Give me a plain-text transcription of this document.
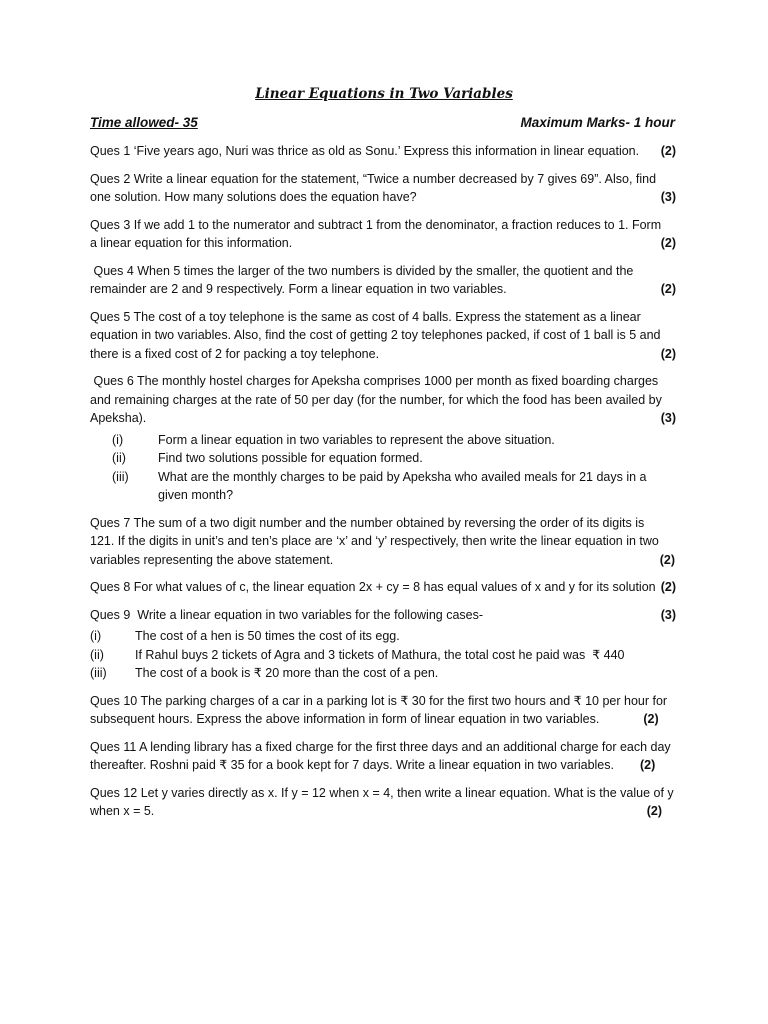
Linear Equations in Two Variables
Time allowed- 35	Maximum Marks- 1 hour

Ques 1 ‘Five years ago, Nuri was thrice as old as Sonu.’ Express this information in linear equation. (2)

Ques 2 Write a linear equation for the statement, “Twice a number decreased by 7 gives 69”. Also, find

one solution. How many solutions does the equation have?	(3)

Ques 3 If we add 1 to the numerator and subtract 1 from the denominator, a fraction reduces to 1. Form

a linear equation for this information.	(2)

Ques 4 When 5 times the larger of the two numbers is divided by the smaller, the quotient and the

remainder are 2 and 9 respectively. Form a linear equation in two variables.	(2)

Ques 5 The cost of a toy telephone is the same as cost of 4 balls. Express the statement as a linear

equation in two variables. Also, find the cost of getting 2 toy telephones packed, if cost of 1 ball is 5 and

there is a fixed cost of 2 for packing a toy telephone.	(2)

Ques 6 The monthly hostel charges for Apeksha comprises 1000 per month as fixed boarding charges

and remaining charges at the rate of 50 per day (for the number, for which the food has been availed by

Apeksha).	(3)

(i)	Form a linear equation in two variables to represent the above situation.
(ii)	Find two solutions possible for equation formed.
(iii)	What are the monthly charges to be paid by Apeksha who availed meals for 21 days in a
given month?

Ques 7 The sum of a two digit number and the number obtained by reversing the order of its digits is

121. If the digits in unit’s and ten’s place are ‘x’ and ‘y’ respectively, then write the linear equation in two

variables representing the above statement.	(2)

Ques 8 For what values of c, the linear equation 2x + cy = 8 has equal values of x and y for its solution (2)

Ques 9  Write a linear equation in two variables for the following cases-	(3)

(i)	The cost of a hen is 50 times the cost of its egg.
(ii)	If Rahul buys 2 tickets of Agra and 3 tickets of Mathura, the total cost he paid was  ₹ 440
(iii)	The cost of a book is ₹ 20 more than the cost of a pen.

Ques 10 The parking charges of a car in a parking lot is ₹ 30 for the first two hours and ₹ 10 per hour for

subsequent hours. Express the above information in form of linear equation in two variables.	(2)

Ques 11 A lending library has a fixed charge for the first three days and an additional charge for each day

thereafter. Roshni paid ₹ 35 for a book kept for 7 days. Write a linear equation in two variables. (2)

Ques 12 Let y varies directly as x. If y = 12 when x = 4, then write a linear equation. What is the value of y

when x = 5.	(2)
